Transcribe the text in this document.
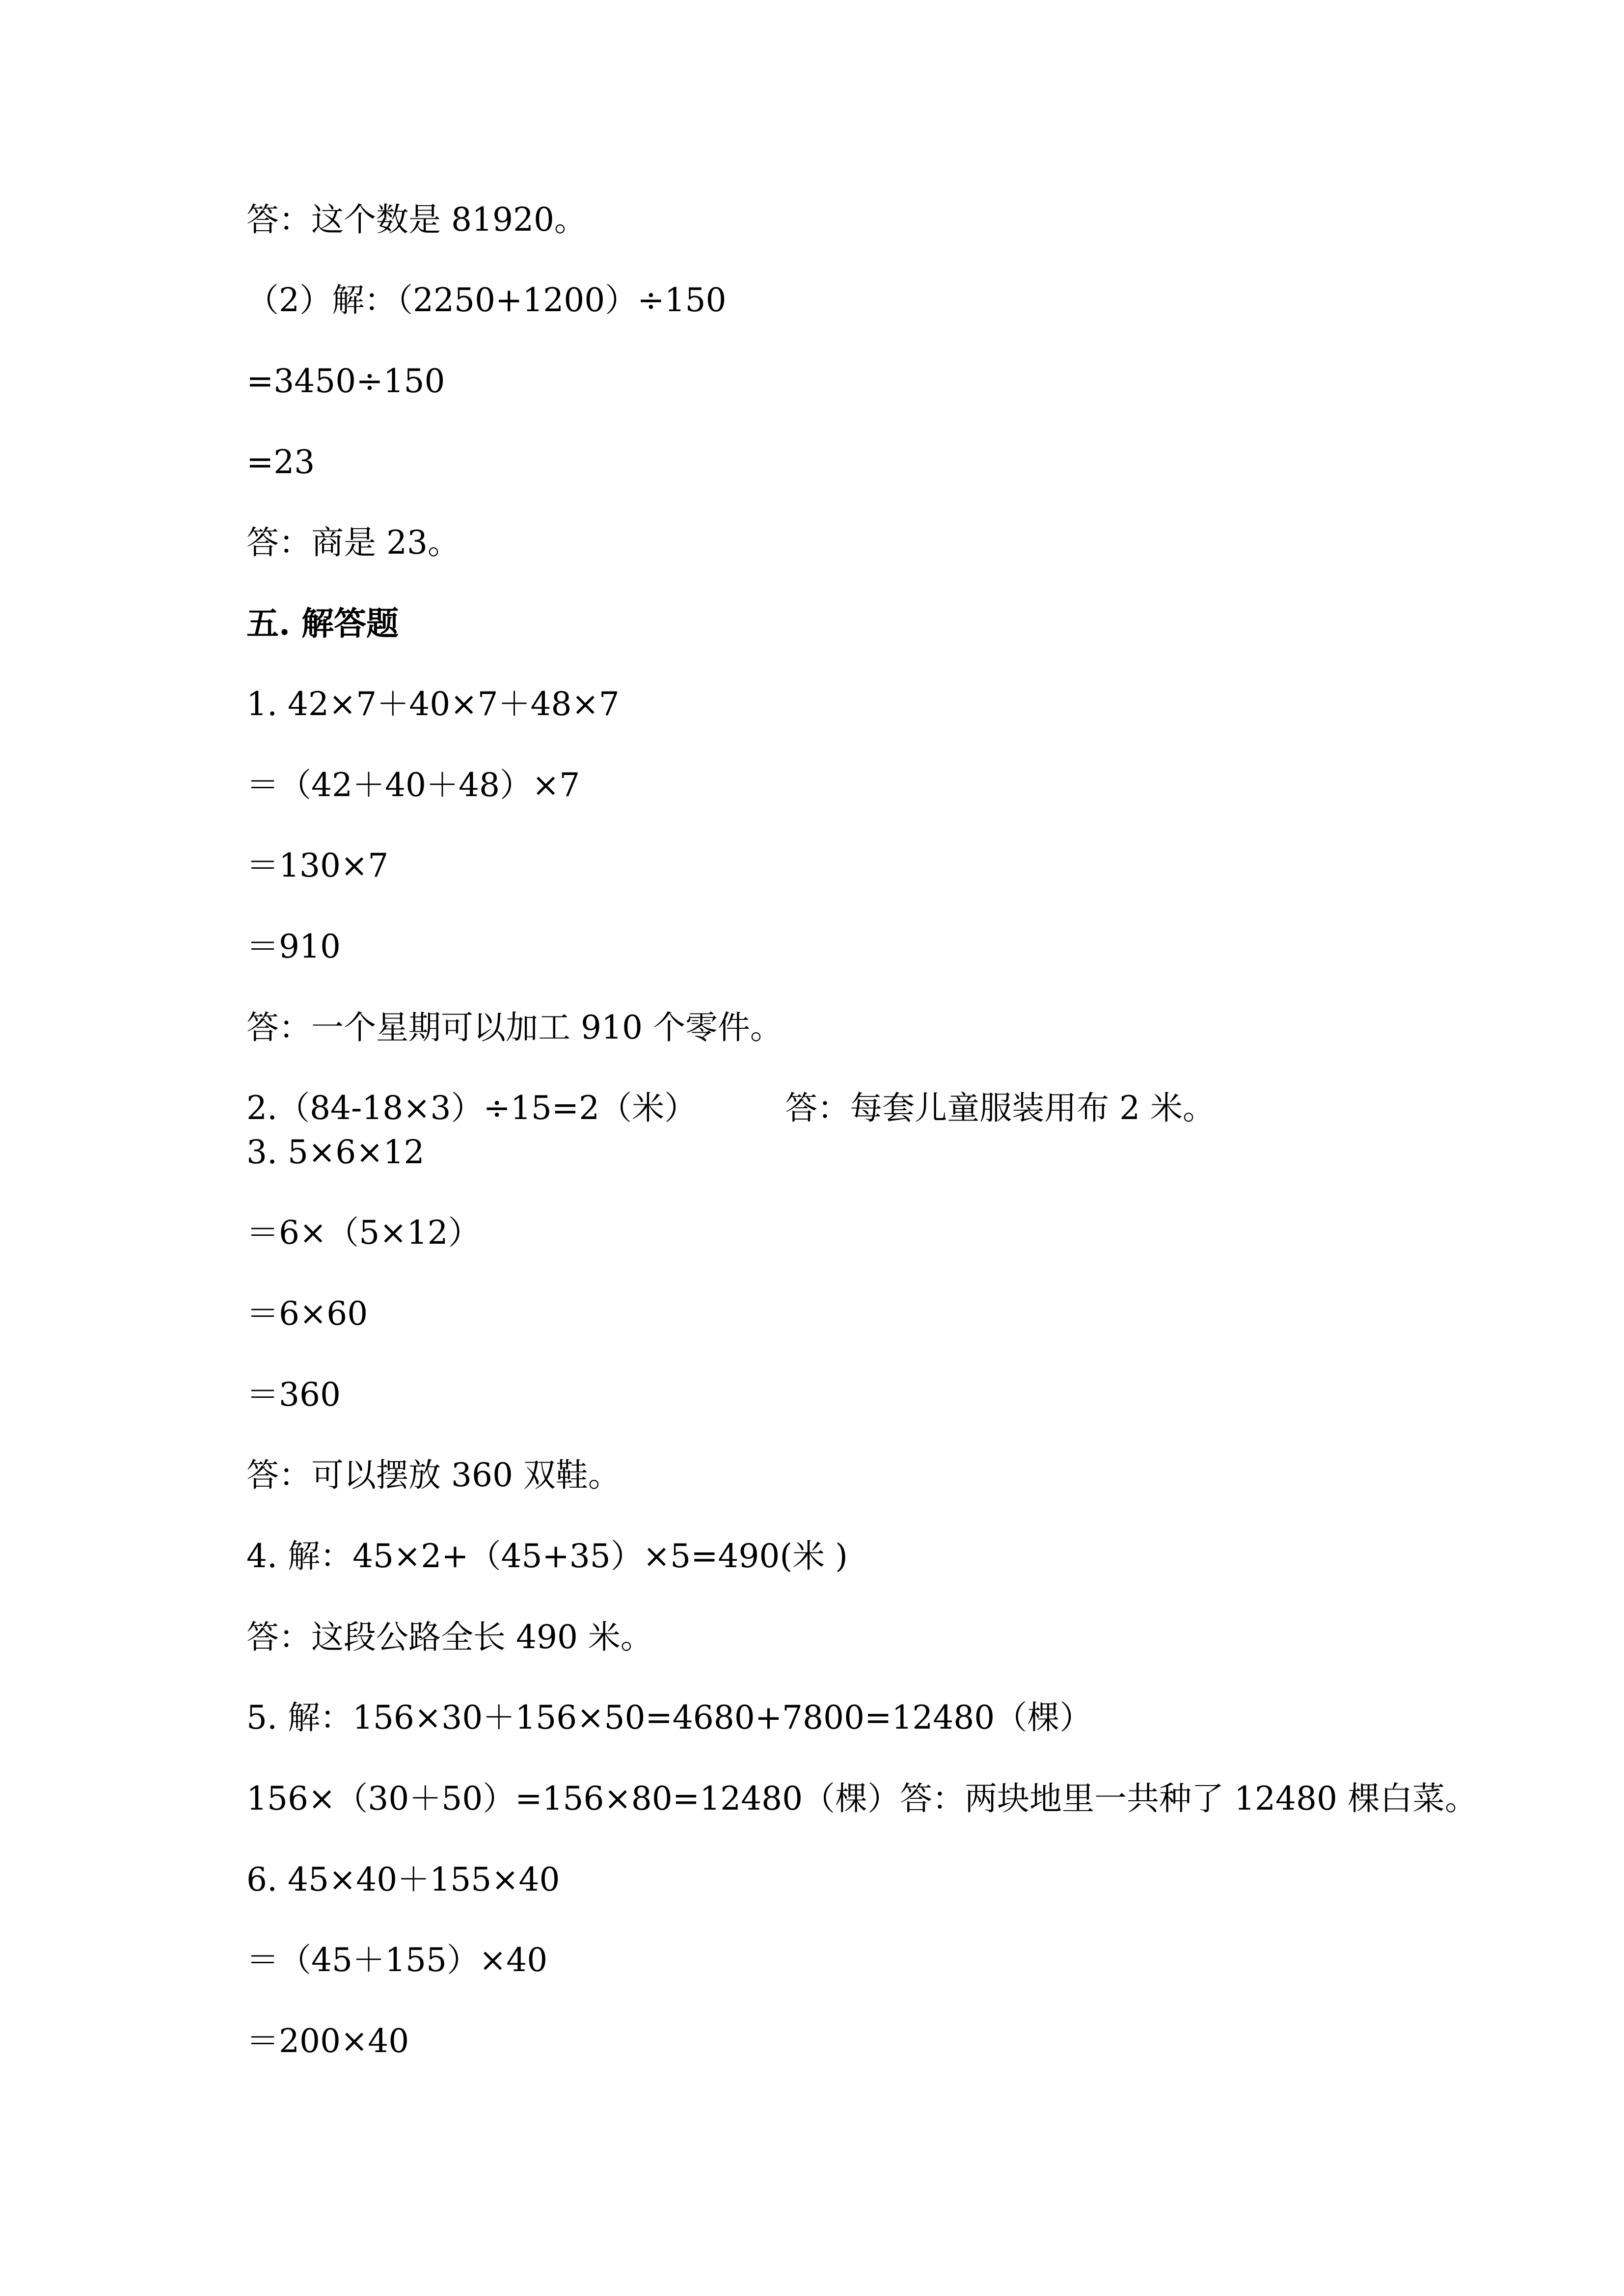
答：这个数是 81920。
（2）解：（2250+1200）÷150
=3450÷150
=23
答：商是 23。
五. 解答题
1. 42×7＋40×7＋48×7
＝（42＋40＋48）×7
＝130×7
＝910
答：一个星期可以加工 910 个零件。
2.（84-18×3）÷15=2（米）	答：每套儿童服装用布 2 米。
3. 5×6×12
＝6×（5×12）
＝6×60
＝360
答：可以摆放 360 双鞋。
4. 解：45×2+（45+35）×5=490(米 )
答：这段公路全长 490 米。
5. 解：156×30＋156×50=4680+7800=12480（棵）
156×（30＋50）=156×80=12480（棵）答：两块地里一共种了 12480 棵白菜。
6. 45×40＋155×40
＝（45＋155）×40
＝200×40
